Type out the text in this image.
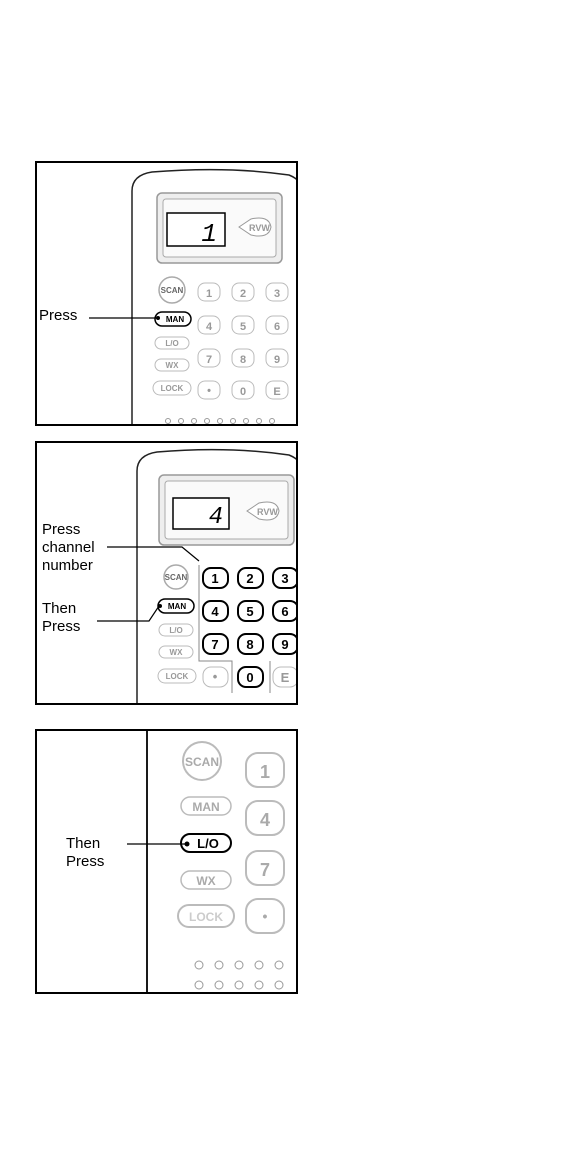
1	RVW
SCAN
MAN
L/O
WX
LOCK
1	2	3
4	5	6
7	8	9
•	0 E
Press
4	RVW
SCAN
MAN
L/O
WX
LOCK
1 2 3
4 5 6
7 8 9
• 0 E
Press
channel
number
Then
Press
SCAN
MAN
L/O
WX
LOCK
1
4
7
•
Then
Press
